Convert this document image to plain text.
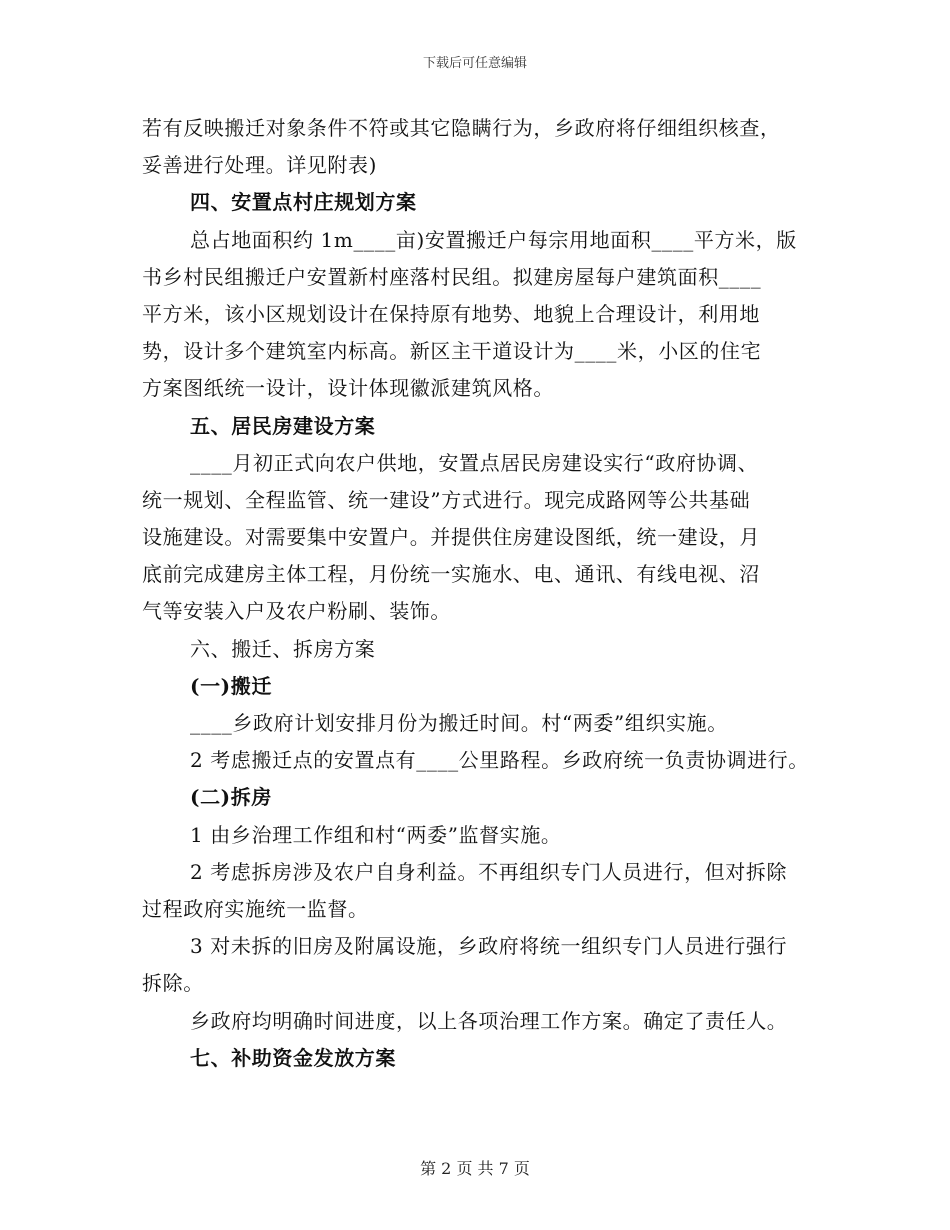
下载后可任意编辑
若有反映搬迁对象条件不符或其它隐瞒行为，乡政府将仔细组织核查，
妥善进行处理。详见附表)
四、安置点村庄规划方案
总占地面积约 1m____亩)安置搬迁户每宗用地面积____平方米，版
书乡村民组搬迁户安置新村座落村民组。拟建房屋每户建筑面积____
平方米，该小区规划设计在保持原有地势、地貌上合理设计，利用地
势，设计多个建筑室内标高。新区主干道设计为____米，小区的住宅
方案图纸统一设计，设计体现徽派建筑风格。
五、居民房建设方案
____月初正式向农户供地，安置点居民房建设实行“政府协调、
统一规划、全程监管、统一建设”方式进行。现完成路网等公共基础
设施建设。对需要集中安置户。并提供住房建设图纸，统一建设，月
底前完成建房主体工程，月份统一实施水、电、通讯、有线电视、沼
气等安装入户及农户粉刷、装饰。
六、搬迁、拆房方案
(一)搬迁
____乡政府计划安排月份为搬迁时间。村“两委”组织实施。
2 考虑搬迁点的安置点有____公里路程。乡政府统一负责协调进行。
(二)拆房
1 由乡治理工作组和村“两委”监督实施。
2 考虑拆房涉及农户自身利益。不再组织专门人员进行，但对拆除
过程政府实施统一监督。
3 对未拆的旧房及附属设施，乡政府将统一组织专门人员进行强行
拆除。
乡政府均明确时间进度，以上各项治理工作方案。确定了责任人。
七、补助资金发放方案
第 2 页 共 7 页
